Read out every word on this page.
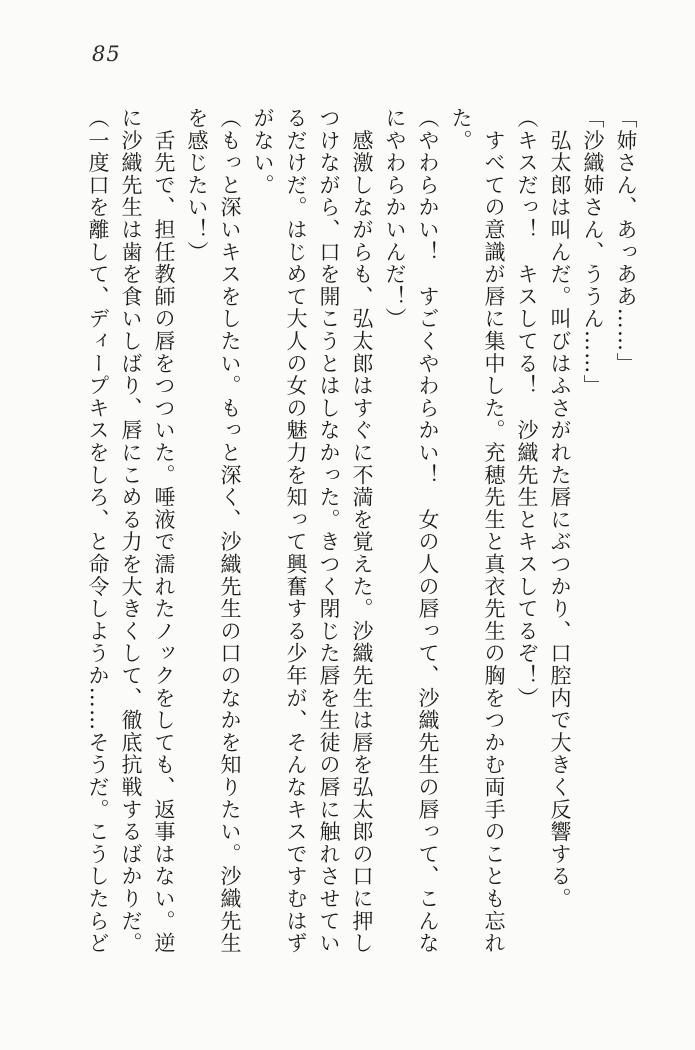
85

「姉さん、あっああ……」

「沙織姉さん、ううん……」

　弘太郎は叫んだ。叫びはふさがれた唇にぶつかり、口腔内で大きく反響する。

（キスだっ！　キスしてる！　沙織先生とキスしてるぞ！）

　すべての意識が唇に集中した。充穂先生と真衣先生の胸をつかむ両手のことも忘れた。

（やわらかい！　すごくやわらかい！　女の人の唇って、沙織先生の唇って、こんなにやわらかいんだ！）

　感激しながらも、弘太郎はすぐに不満を覚えた。沙織先生は唇を弘太郎の口に押しつけながら、口を開こうとはしなかった。きつく閉じた唇を生徒の唇に触れさせているだけだ。はじめて大人の女の魅力を知って興奮する少年が、そんなキスですむはずがない。

（もっと深いキスをしたい。もっと深く、沙織先生の口のなかを知りたい。沙織先生を感じたい！）

　舌先で、担任教師の唇をつついた。唾液で濡れたノックをしても、返事はない。逆に沙織先生は歯を食いしばり、唇にこめる力を大きくして、徹底抗戦するばかりだ。

（一度口を離して、ディープキスをしろ、と命令しようか……そうだ。こうしたらど
